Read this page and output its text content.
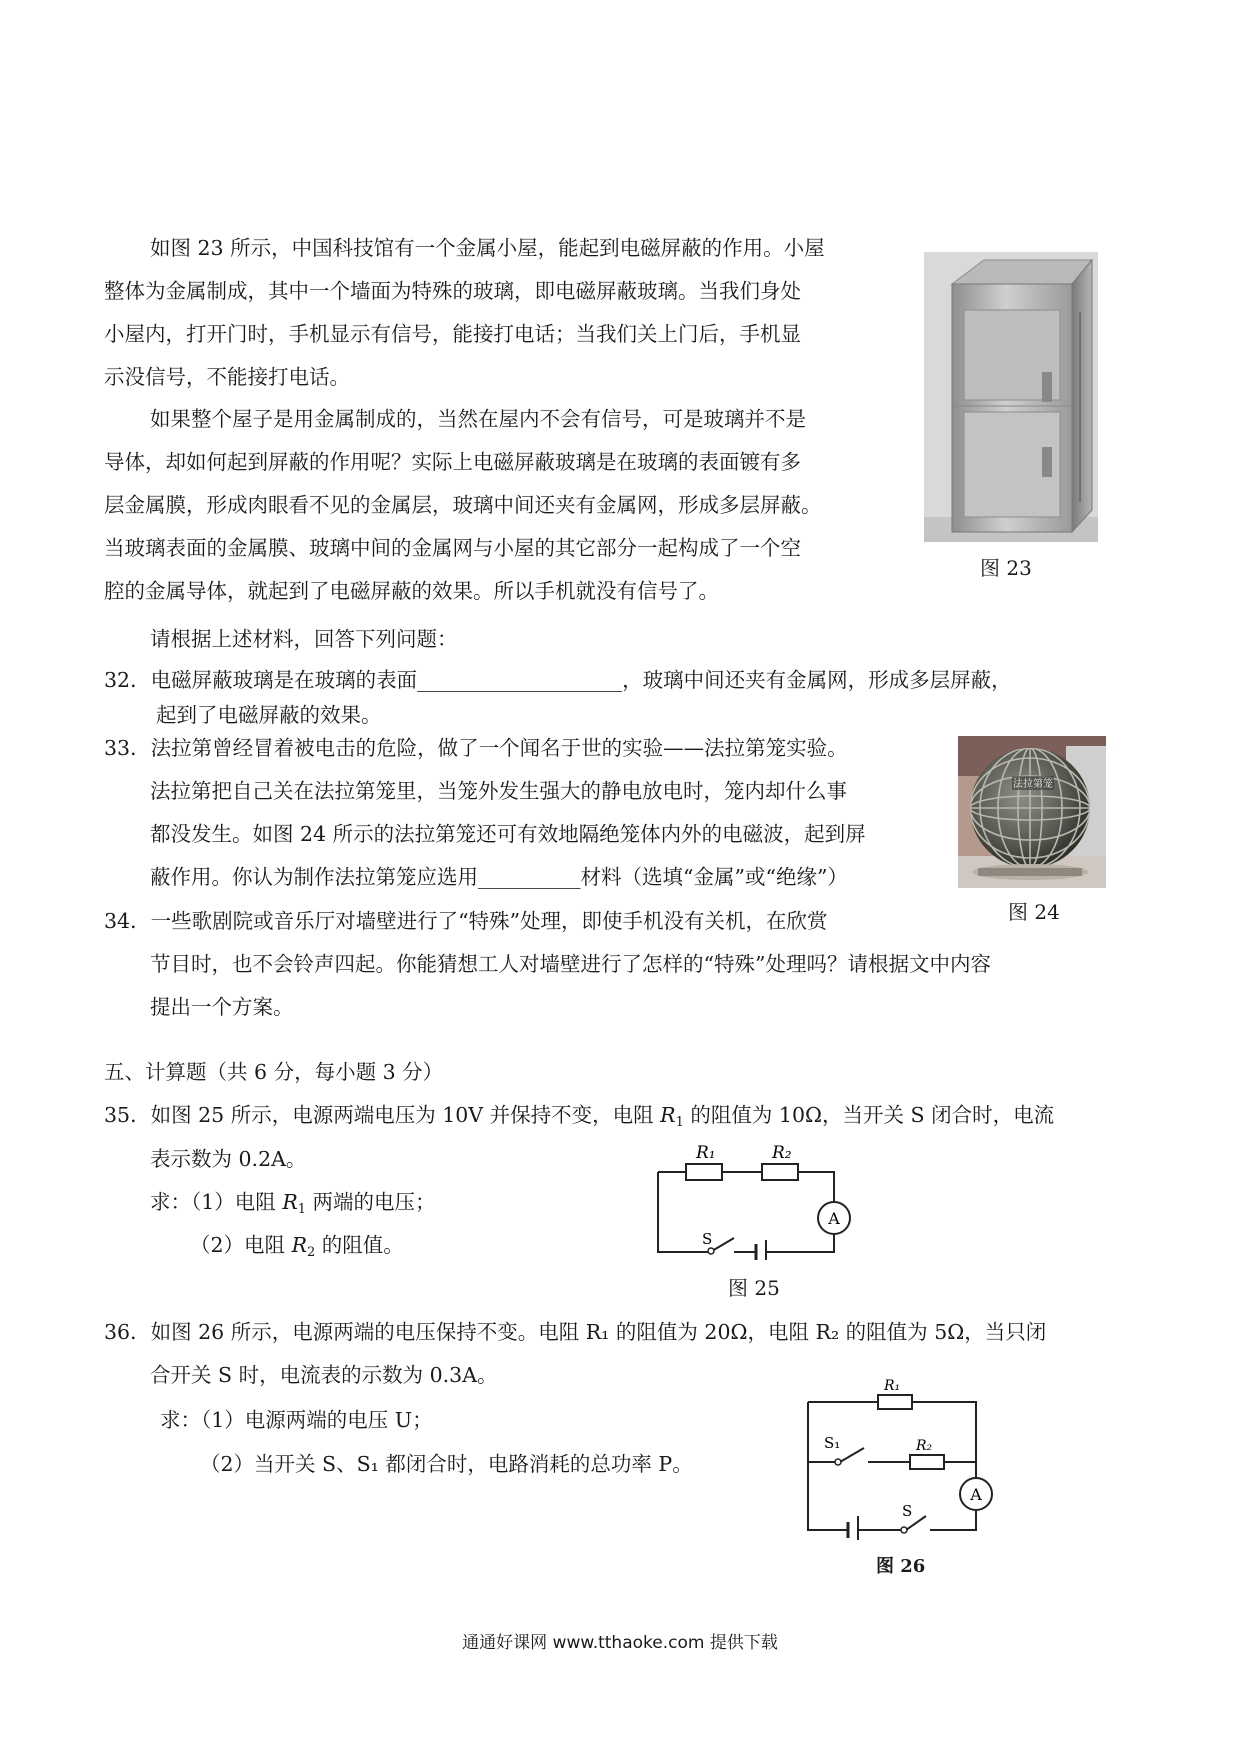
如图 23 所示，中国科技馆有一个金属小屋，能起到电磁屏蔽的作用。小屋
整体为金属制成，其中一个墙面为特殊的玻璃，即电磁屏蔽玻璃。当我们身处
小屋内，打开门时，手机显示有信号，能接打电话；当我们关上门后，手机显
示没信号，不能接打电话。
如果整个屋子是用金属制成的，当然在屋内不会有信号，可是玻璃并不是
导体，却如何起到屏蔽的作用呢？实际上电磁屏蔽玻璃是在玻璃的表面镀有多
层金属膜，形成肉眼看不见的金属层，玻璃中间还夹有金属网，形成多层屏蔽。
当玻璃表面的金属膜、玻璃中间的金属网与小屋的其它部分一起构成了一个空
腔的金属导体，就起到了电磁屏蔽的效果。所以手机就没有信号了。
请根据上述材料，回答下列问题：
图 23
32．电磁屏蔽玻璃是在玻璃的表面____________________，玻璃中间还夹有金属网，形成多层屏蔽，
起到了电磁屏蔽的效果。
33．法拉第曾经冒着被电击的危险，做了一个闻名于世的实验——法拉第笼实验。
法拉第把自己关在法拉第笼里，当笼外发生强大的静电放电时，笼内却什么事
都没发生。如图 24 所示的法拉第笼还可有效地隔绝笼体内外的电磁波，起到屏
蔽作用。你认为制作法拉第笼应选用__________材料（选填“金属”或“绝缘”）
法拉第笼
图 24
34．一些歌剧院或音乐厅对墙壁进行了“特殊”处理，即使手机没有关机，在欣赏
节目时，也不会铃声四起。你能猜想工人对墙壁进行了怎样的“特殊”处理吗？请根据文中内容
提出一个方案。
五、计算题（共 6 分，每小题 3 分）
35．如图 25 所示，电源两端电压为 10V 并保持不变，电阻 $R_1$ 的阻值为 10Ω，当开关 S 闭合时，电流
表示数为 0.2A。
求：（1）电阻 $R_1$ 两端的电压；
（2）电阻 $R_2$ 的阻值。
A
R₁	R₂
S
图 25
36．如图 26 所示，电源两端的电压保持不变。电阻 R₁ 的阻值为 20Ω，电阻 R₂ 的阻值为 5Ω，当只闭
合开关 S 时，电流表的示数为 0.3A。
求：（1）电源两端的电压 U；
（2）当开关 S、S₁ 都闭合时，电路消耗的总功率 P。
A
R₁
R₂
S₁
S
图 26
通通好课网 www.tthaoke.com 提供下载
